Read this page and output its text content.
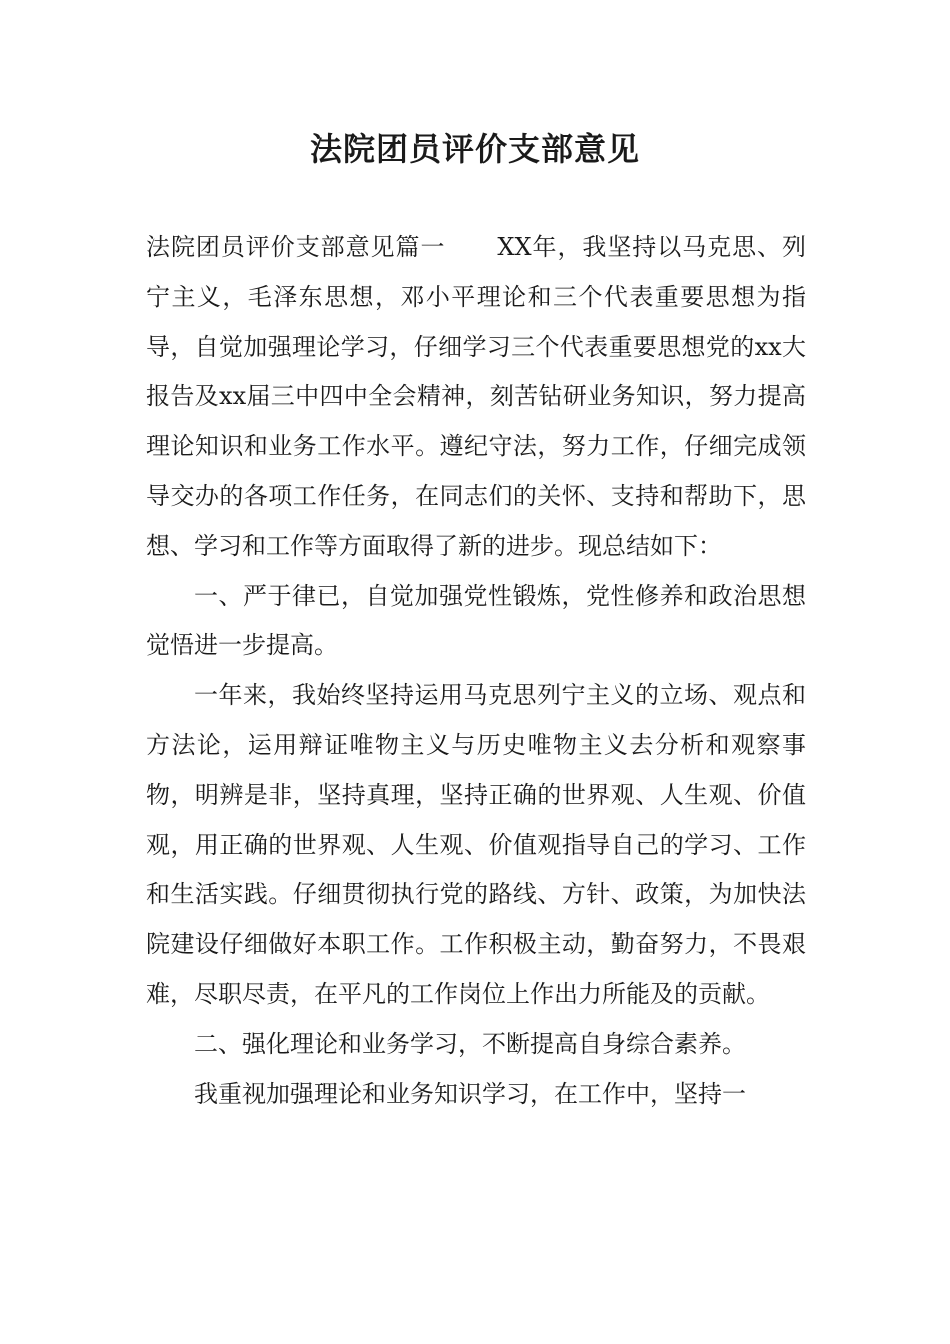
法院团员评价支部意见

法院团员评价支部意见篇一 XX年，我坚持以马克思、列宁主义，毛泽东思想，邓小平理论和三个代表重要思想为指导，自觉加强理论学习，仔细学习三个代表重要思想党的xx大报告及xx届三中四中全会精神，刻苦钻研业务知识，努力提高理论知识和业务工作水平。遵纪守法，努力工作，仔细完成领导交办的各项工作任务，在同志们的关怀、支持和帮助下，思想、学习和工作等方面取得了新的进步。现总结如下：

一、严于律已，自觉加强党性锻炼，党性修养和政治思想觉悟进一步提高。

一年来，我始终坚持运用马克思列宁主义的立场、观点和方法论，运用辩证唯物主义与历史唯物主义去分析和观察事物，明辨是非，坚持真理，坚持正确的世界观、人生观、价值观，用正确的世界观、人生观、价值观指导自己的学习、工作和生活实践。仔细贯彻执行党的路线、方针、政策，为加快法院建设仔细做好本职工作。工作积极主动，勤奋努力，不畏艰难，尽职尽责，在平凡的工作岗位上作出力所能及的贡献。

二、强化理论和业务学习，不断提高自身综合素养。

我重视加强理论和业务知识学习，在工作中，坚持一
